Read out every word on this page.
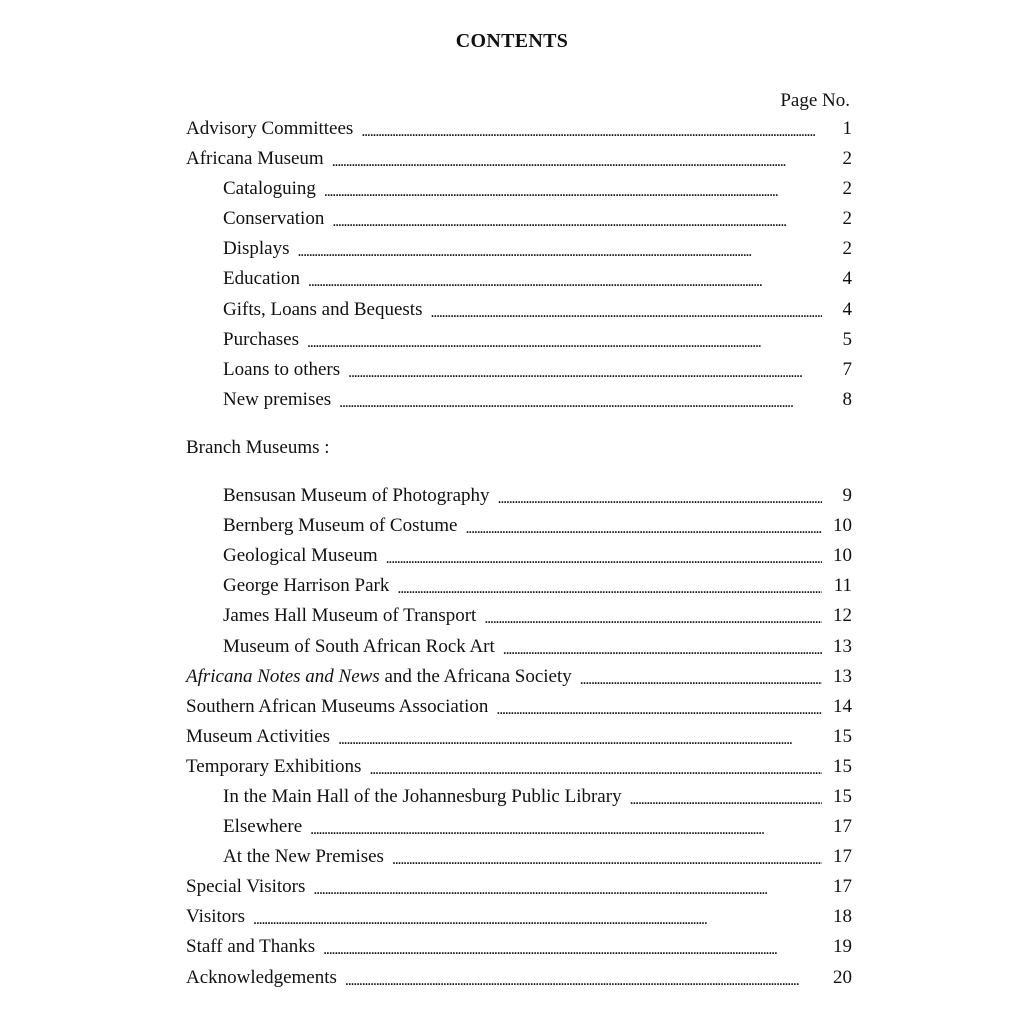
CONTENTS
Page No.
Advisory Committees . . .	1
Africana Museum . . .	2
Cataloguing . . .	2
Conservation . . .	2
Displays . . .	2
Education . . .	4
Gifts, Loans and Bequests . . .	4
Purchases . . .	5
Loans to others . . .	7
New premises . . .	8
Branch Museums :
Bensusan Museum of Photography . . .	9
Bernberg Museum of Costume . . .	10
Geological Museum . . .	10
George Harrison Park . . .	11
James Hall Museum of Transport . . .	12
Museum of South African Rock Art . . .	13
Africana Notes and News and the Africana Society . . .	13
Southern African Museums Association . . .	14
Museum Activities . . .	15
Temporary Exhibitions . . .	15
In the Main Hall of the Johannesburg Public Library . . .	15
Elsewhere . . .	17
At the New Premises . . .	17
Special Visitors . . .	17
Visitors . . .	18
Staff and Thanks . . .	19
Acknowledgements . . .	20
